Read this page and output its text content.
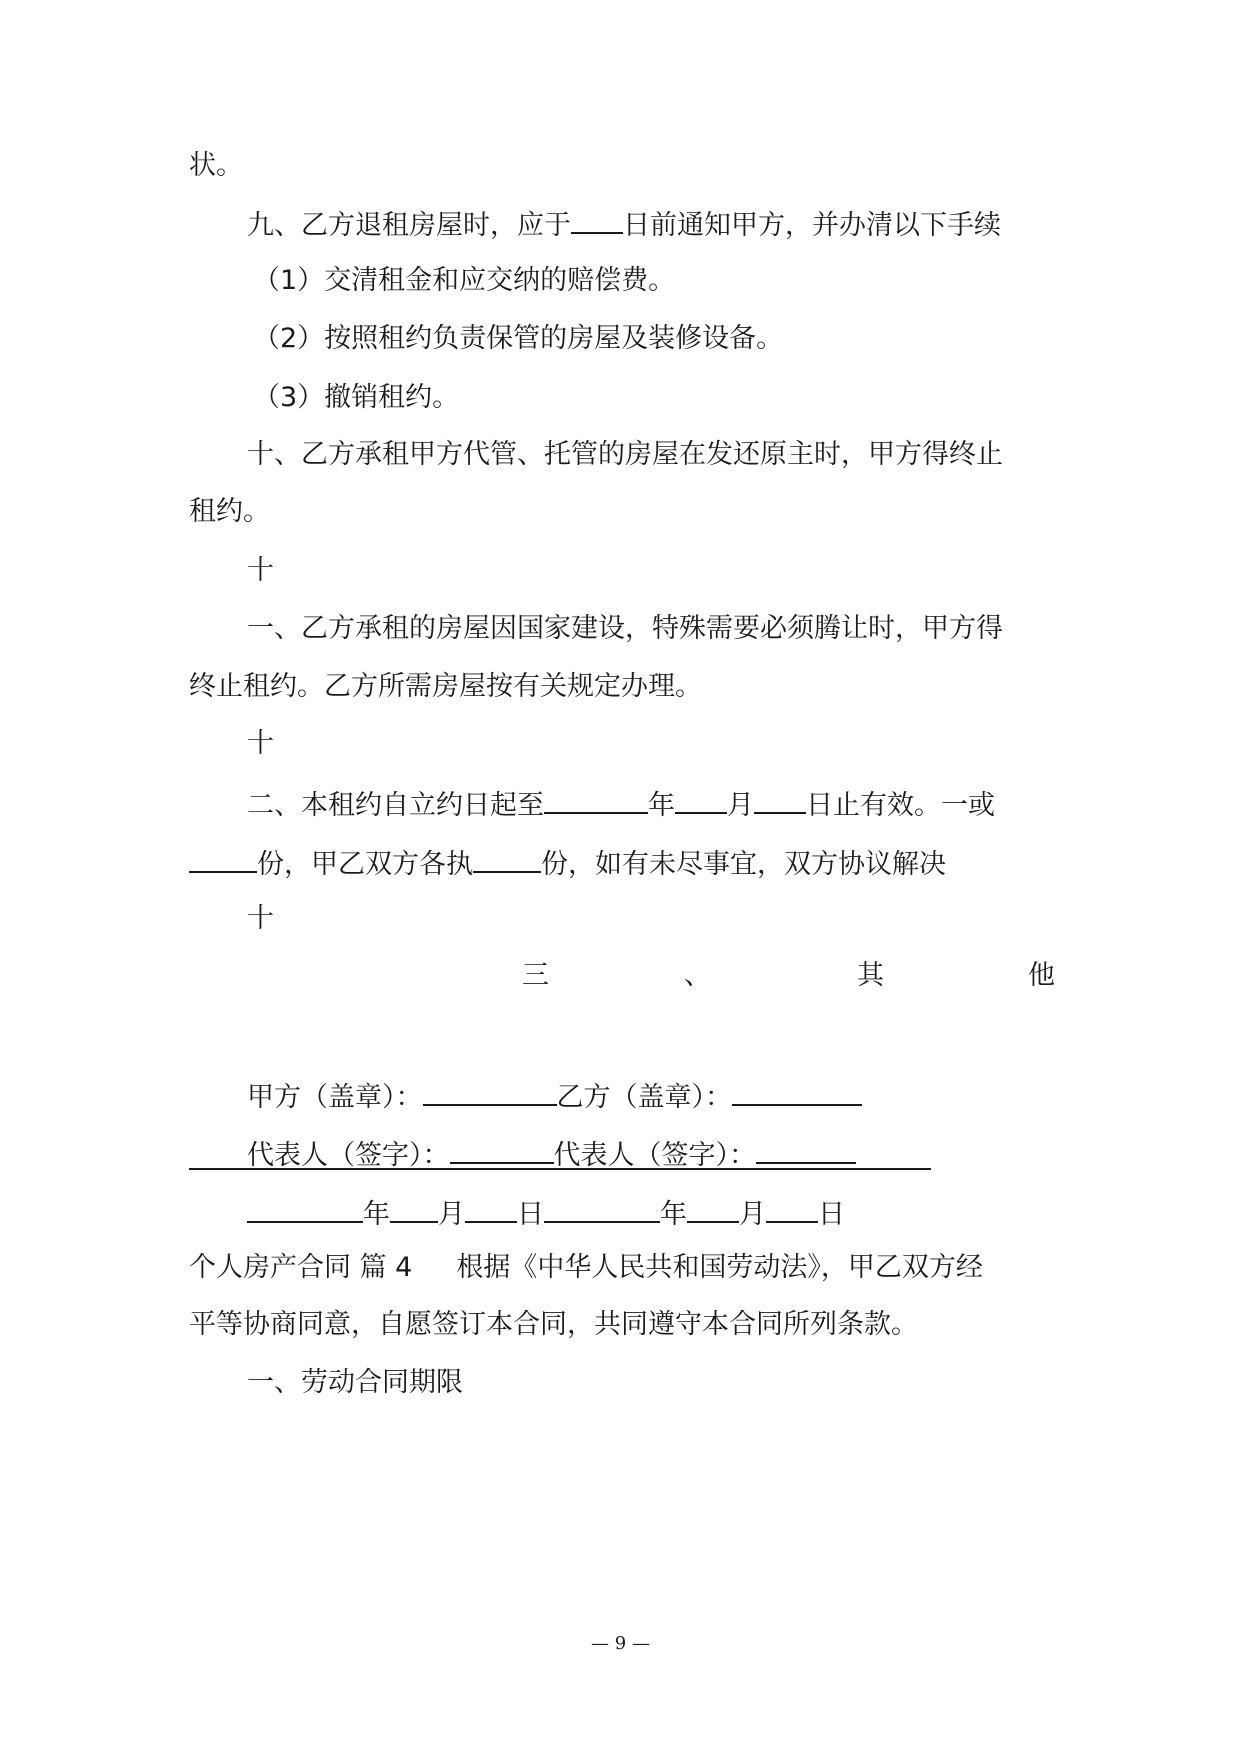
状。
九、乙方退租房屋时，应于 日前通知甲方，并办清以下手续
（1）交清租金和应交纳的赔偿费。
（2）按照租约负责保管的房屋及装修设备。
（3）撤销租约。
十、乙方承租甲方代管、托管的房屋在发还原主时，甲方得终止
租约。
十
一、乙方承租的房屋因国家建设，特殊需要必须腾让时，甲方得
终止租约。乙方所需房屋按有关规定办理。
十
二、本租约自立约日起至	年 月 日止有效。一或
份，甲乙双方各执	份，如有未尽事宜，双方协议解决
十
三	、	其	他
甲方（盖章）：	乙方（盖章）：
代表人（签字）：	代表人（签字）：
年 月 日	年 月 日
个人房产合同 篇 4 根据《中华人民共和国劳动法》，甲乙双方经
平等协商同意，自愿签订本合同，共同遵守本合同所列条款。
一、劳动合同期限
— 9 —
